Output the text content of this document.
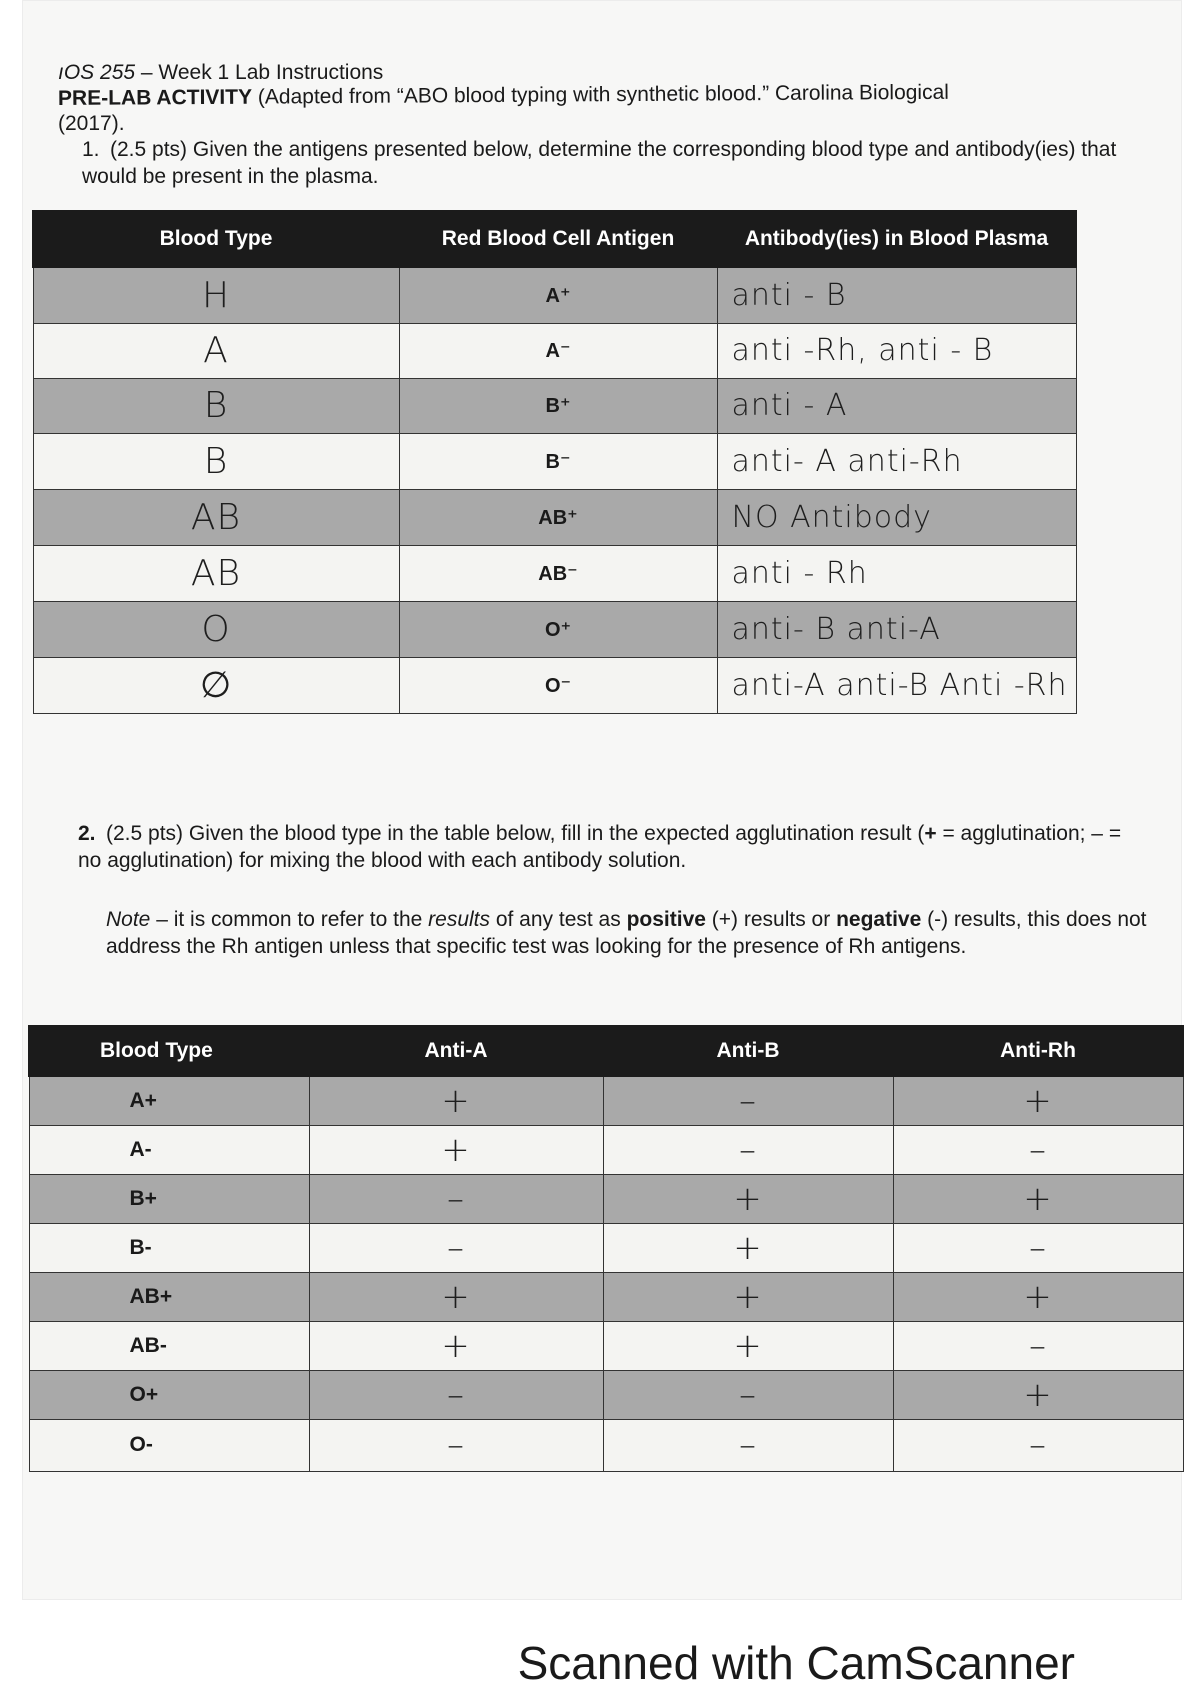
ıOS 255 – Week 1 Lab Instructions
PRE-LAB ACTIVITY (Adapted from “ABO blood typing with synthetic blood.” Carolina Biological
(2017).
1. (2.5 pts) Given the antigens presented below, determine the corresponding blood type and antibody(ies) that would be present in the plasma.
Blood Type	Red Blood Cell Antigen	Antibody(ies) in Blood Plasma
H	A⁺	anti - B
A	A⁻	anti -Rh, anti - B
B	B⁺	anti - A
B	B⁻	anti- A anti-Rh
AB	AB⁺	NO Antibody
AB	AB⁻	anti - Rh
O	O⁺	anti- B anti-A
∅	O⁻	anti-A anti-B Anti -Rh
2. (2.5 pts) Given the blood type in the table below, fill in the expected agglutination result (+ = agglutination; – = no agglutination) for mixing the blood with each antibody solution.
Note – it is common to refer to the results of any test as positive (+) results or negative (-) results, this does not address the Rh antigen unless that specific test was looking for the presence of Rh antigens.
Blood Type	Anti-A	Anti-B	Anti-Rh
A+	+	–	+
A-	+	–	–
B+	–	+	+
B-	–	+	–
AB+	+	+	+
AB-	+	+	–
O+	–	–	+
O-	–	–	–
Scanned with CamScanner
